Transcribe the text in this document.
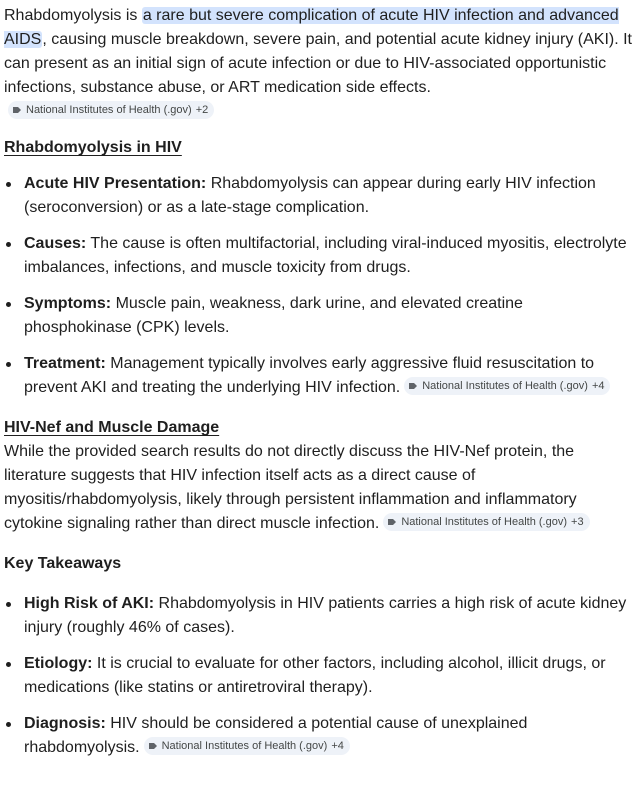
Rhabdomyolysis is a rare but severe complication of acute HIV infection and advanced AIDS, causing muscle breakdown, severe pain, and potential acute kidney injury (AKI). It can present as an initial sign of acute infection or due to HIV-associated opportunistic infections, substance abuse, or ART medication side effects.
National Institutes of Health (.gov) +2

Rhabdomyolysis in HIV

Acute HIV Presentation: Rhabdomyolysis can appear during early HIV infection (seroconversion) or as a late-stage complication.
Causes: The cause is often multifactorial, including viral-induced myositis, electrolyte imbalances, infections, and muscle toxicity from drugs.
Symptoms: Muscle pain, weakness, dark urine, and elevated creatine phosphokinase (CPK) levels.
Treatment: Management typically involves early aggressive fluid resuscitation to prevent AKI and treating the underlying HIV infection. National Institutes of Health (.gov) +4

HIV-Nef and Muscle Damage

While the provided search results do not directly discuss the HIV-Nef protein, the literature suggests that HIV infection itself acts as a direct cause of myositis/rhabdomyolysis, likely through persistent inflammation and inflammatory cytokine signaling rather than direct muscle infection. National Institutes of Health (.gov) +3

Key Takeaways

High Risk of AKI: Rhabdomyolysis in HIV patients carries a high risk of acute kidney injury (roughly 46% of cases).
Etiology: It is crucial to evaluate for other factors, including alcohol, illicit drugs, or medications (like statins or antiretroviral therapy).
Diagnosis: HIV should be considered a potential cause of unexplained rhabdomyolysis. National Institutes of Health (.gov) +4
